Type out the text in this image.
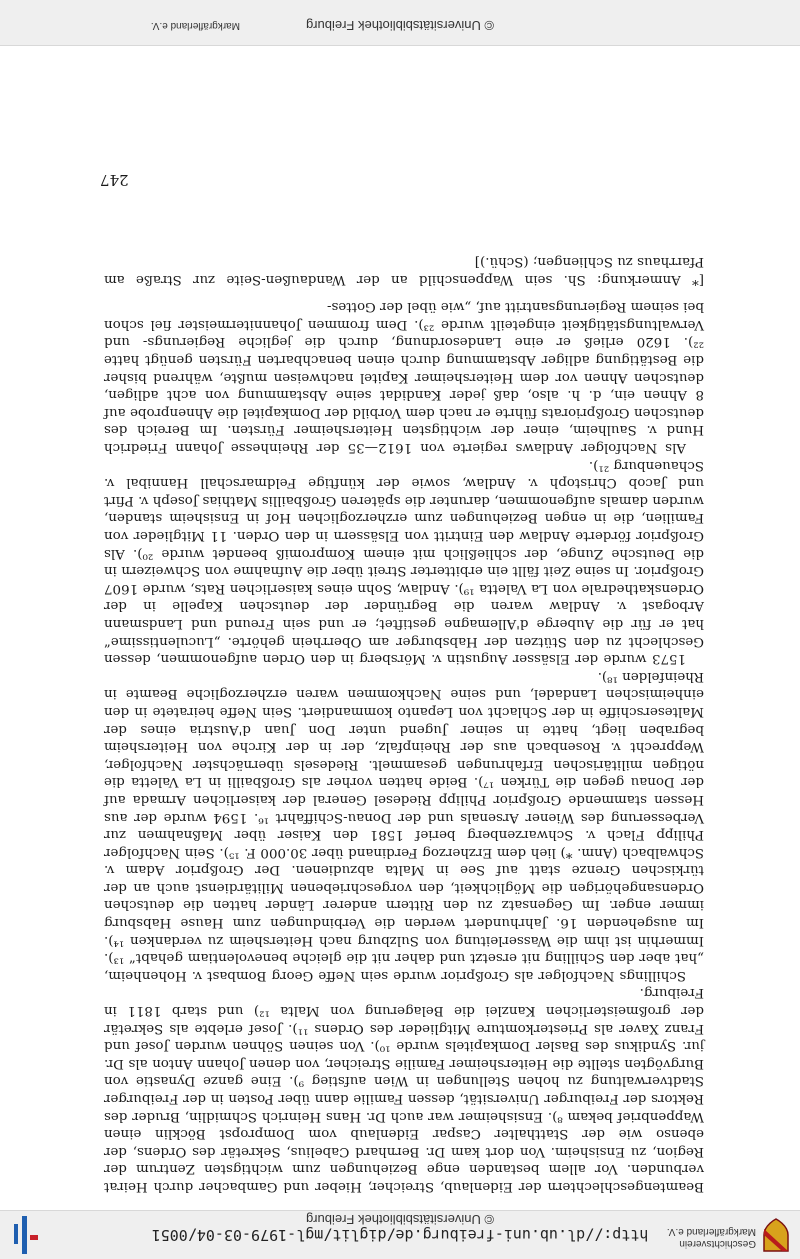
Geschichtsverein
Markgräflerland e.V.
http://dl.ub.uni-freiburg.de/diglit/mgl-1979-03-04/0051
© Universitätsbibliothek Freiburg

Beamtengeschlechtern der Eidenlaub, Streicher, Hieber und Gambacher durch Heirat verbunden. Vor allem bestanden enge Beziehungen zum wichtigsten Zentrum der Region, zu Ensisheim. Von dort kam Dr. Bernhard Cabelius, Sekretär des Ordens, der ebenso wie der Statthalter Caspar Eidenlaub vom Dompropst Böcklin einen Wappenbrief bekam ⁸). Ensisheimer war auch Dr. Hans Heinrich Schmidlin, Bruder des Rektors der Freiburger Universität, dessen Familie dann über Posten in der Freiburger Stadtverwaltung zu hohen Stellungen in Wien aufstieg ⁹). Eine ganze Dynastie von Burgvögten stellte die Heitersheimer Familie Streicher, von denen Johann Anton als Dr. jur. Syndikus des Basler Domkapitels wurde ¹⁰). Von seinen Söhnen wurden Josef und Franz Xaver als Priesterkomture Mitglieder des Ordens ¹¹). Josef erlebte als Sekretär der großmeisterlichen Kanzlei die Belagerung von Malta ¹²) und starb 1811 in Freiburg.

Schillings Nachfolger als Großprior wurde sein Neffe Georg Bombast v. Hohenheim, „hat aber den Schilling nit ersetzt und daher nit die gleiche benevolentiam gehabt“ ¹³). Immerhin ist ihm die Wasserleitung von Sulzburg nach Heitersheim zu verdanken ¹⁴). Im ausgehenden 16. Jahrhundert werden die Verbindungen zum Hause Habsburg immer enger. Im Gegensatz zu den Rittern anderer Länder hatten die deutschen Ordensangehörigen die Möglichkeit, den vorgeschriebenen Militärdienst auch an der türkischen Grenze statt auf See in Malta abzudienen. Der Großprior Adam v. Schwalbach (Anm. *) lieh dem Erzherzog Ferdinand über 30.000 F. ¹⁵). Sein Nachfolger Philipp Flach v. Schwarzenberg berief 1581 den Kaiser über Maßnahmen zur Verbesserung des Wiener Arsenals und der Donau-Schiffahrt ¹⁶. 1594 wurde der aus Hessen stammende Großprior Philipp Riedesel General der kaiserlichen Armada auf der Donau gegen die Türken ¹⁷). Beide hatten vorher als Großbailli in La Valetta die nötigen militärischen Erfahrungen gesammelt. Riedesels übernächster Nachfolger, Wepprecht v. Rosenbach aus der Rheinpfalz, der in der Kirche von Heitersheim begraben liegt, hatte in seiner Jugend unter Don Juan d'Austria eines der Malteserschiffe in der Schlacht von Lepanto kommandiert. Sein Neffe heiratete in den einheimischen Landadel, und seine Nachkommen waren erzherzogliche Beamte in Rheinfelden ¹⁸).

1573 wurde der Elsässer Augustin v. Mörsberg in den Orden aufgenommen, dessen Geschlecht zu den Stützen der Habsburger am Oberrhein gehörte. „Luculentissime“ hat er für die Auberge d'Allemagne gestiftet; er und sein Freund und Landsmann Arbogast v. Andlaw waren die Begründer der deutschen Kapelle in der Ordenskathedrale von La Valetta ¹⁹). Andlaw, Sohn eines kaiserlichen Rats, wurde 1607 Großprior. In seine Zeit fällt ein erbitterter Streit über die Aufnahme von Schweizern in die Deutsche Zunge, der schließlich mit einem Kompromiß beendet wurde ²⁰). Als Großprior förderte Andlaw den Eintritt von Elsässern in den Orden. 11 Mitglieder von Familien, die in engen Beziehungen zum erzherzoglichen Hof in Ensisheim standen, wurden damals aufgenommen, darunter die späteren Großbaillis Mathias Joseph v. Pfirt und Jacob Christoph v. Andlaw, sowie der künftige Feldmarschall Hannibal v. Schauenburg ²¹).

Als Nachfolger Andlaws regierte von 1612—35 der Rheinhesse Johann Friedrich Hund v. Saulheim, einer der wichtigsten Heitersheimer Fürsten. Im Bereich des deutschen Großpriorats führte er nach dem Vorbild der Domkapitel die Ahnenprobe auf 8 Ahnen ein, d. h. also, daß jeder Kandidat seine Abstammung von acht adligen, deutschen Ahnen vor dem Heitersheimer Kapitel nachweisen mußte, während bisher die Bestätigung adliger Abstammung durch einen benachbarten Fürsten genügt hatte ²²). 1620 erließ er eine Landesordnung, durch die jegliche Regierungs- und Verwaltungstätigkeit eingeteilt wurde ²³). Dem frommen Johannitermeister fiel schon bei seinem Regierungsantritt auf, „wie übel der Gottes-

[* Anmerkung: Sh. sein Wappenschild an der Wandaußen-Seite zur Straße am Pfarrhaus zu Schliengen; (Schü.)]

247
© Universitätsbibliothek Freiburg
Markgräflerland e.V.
